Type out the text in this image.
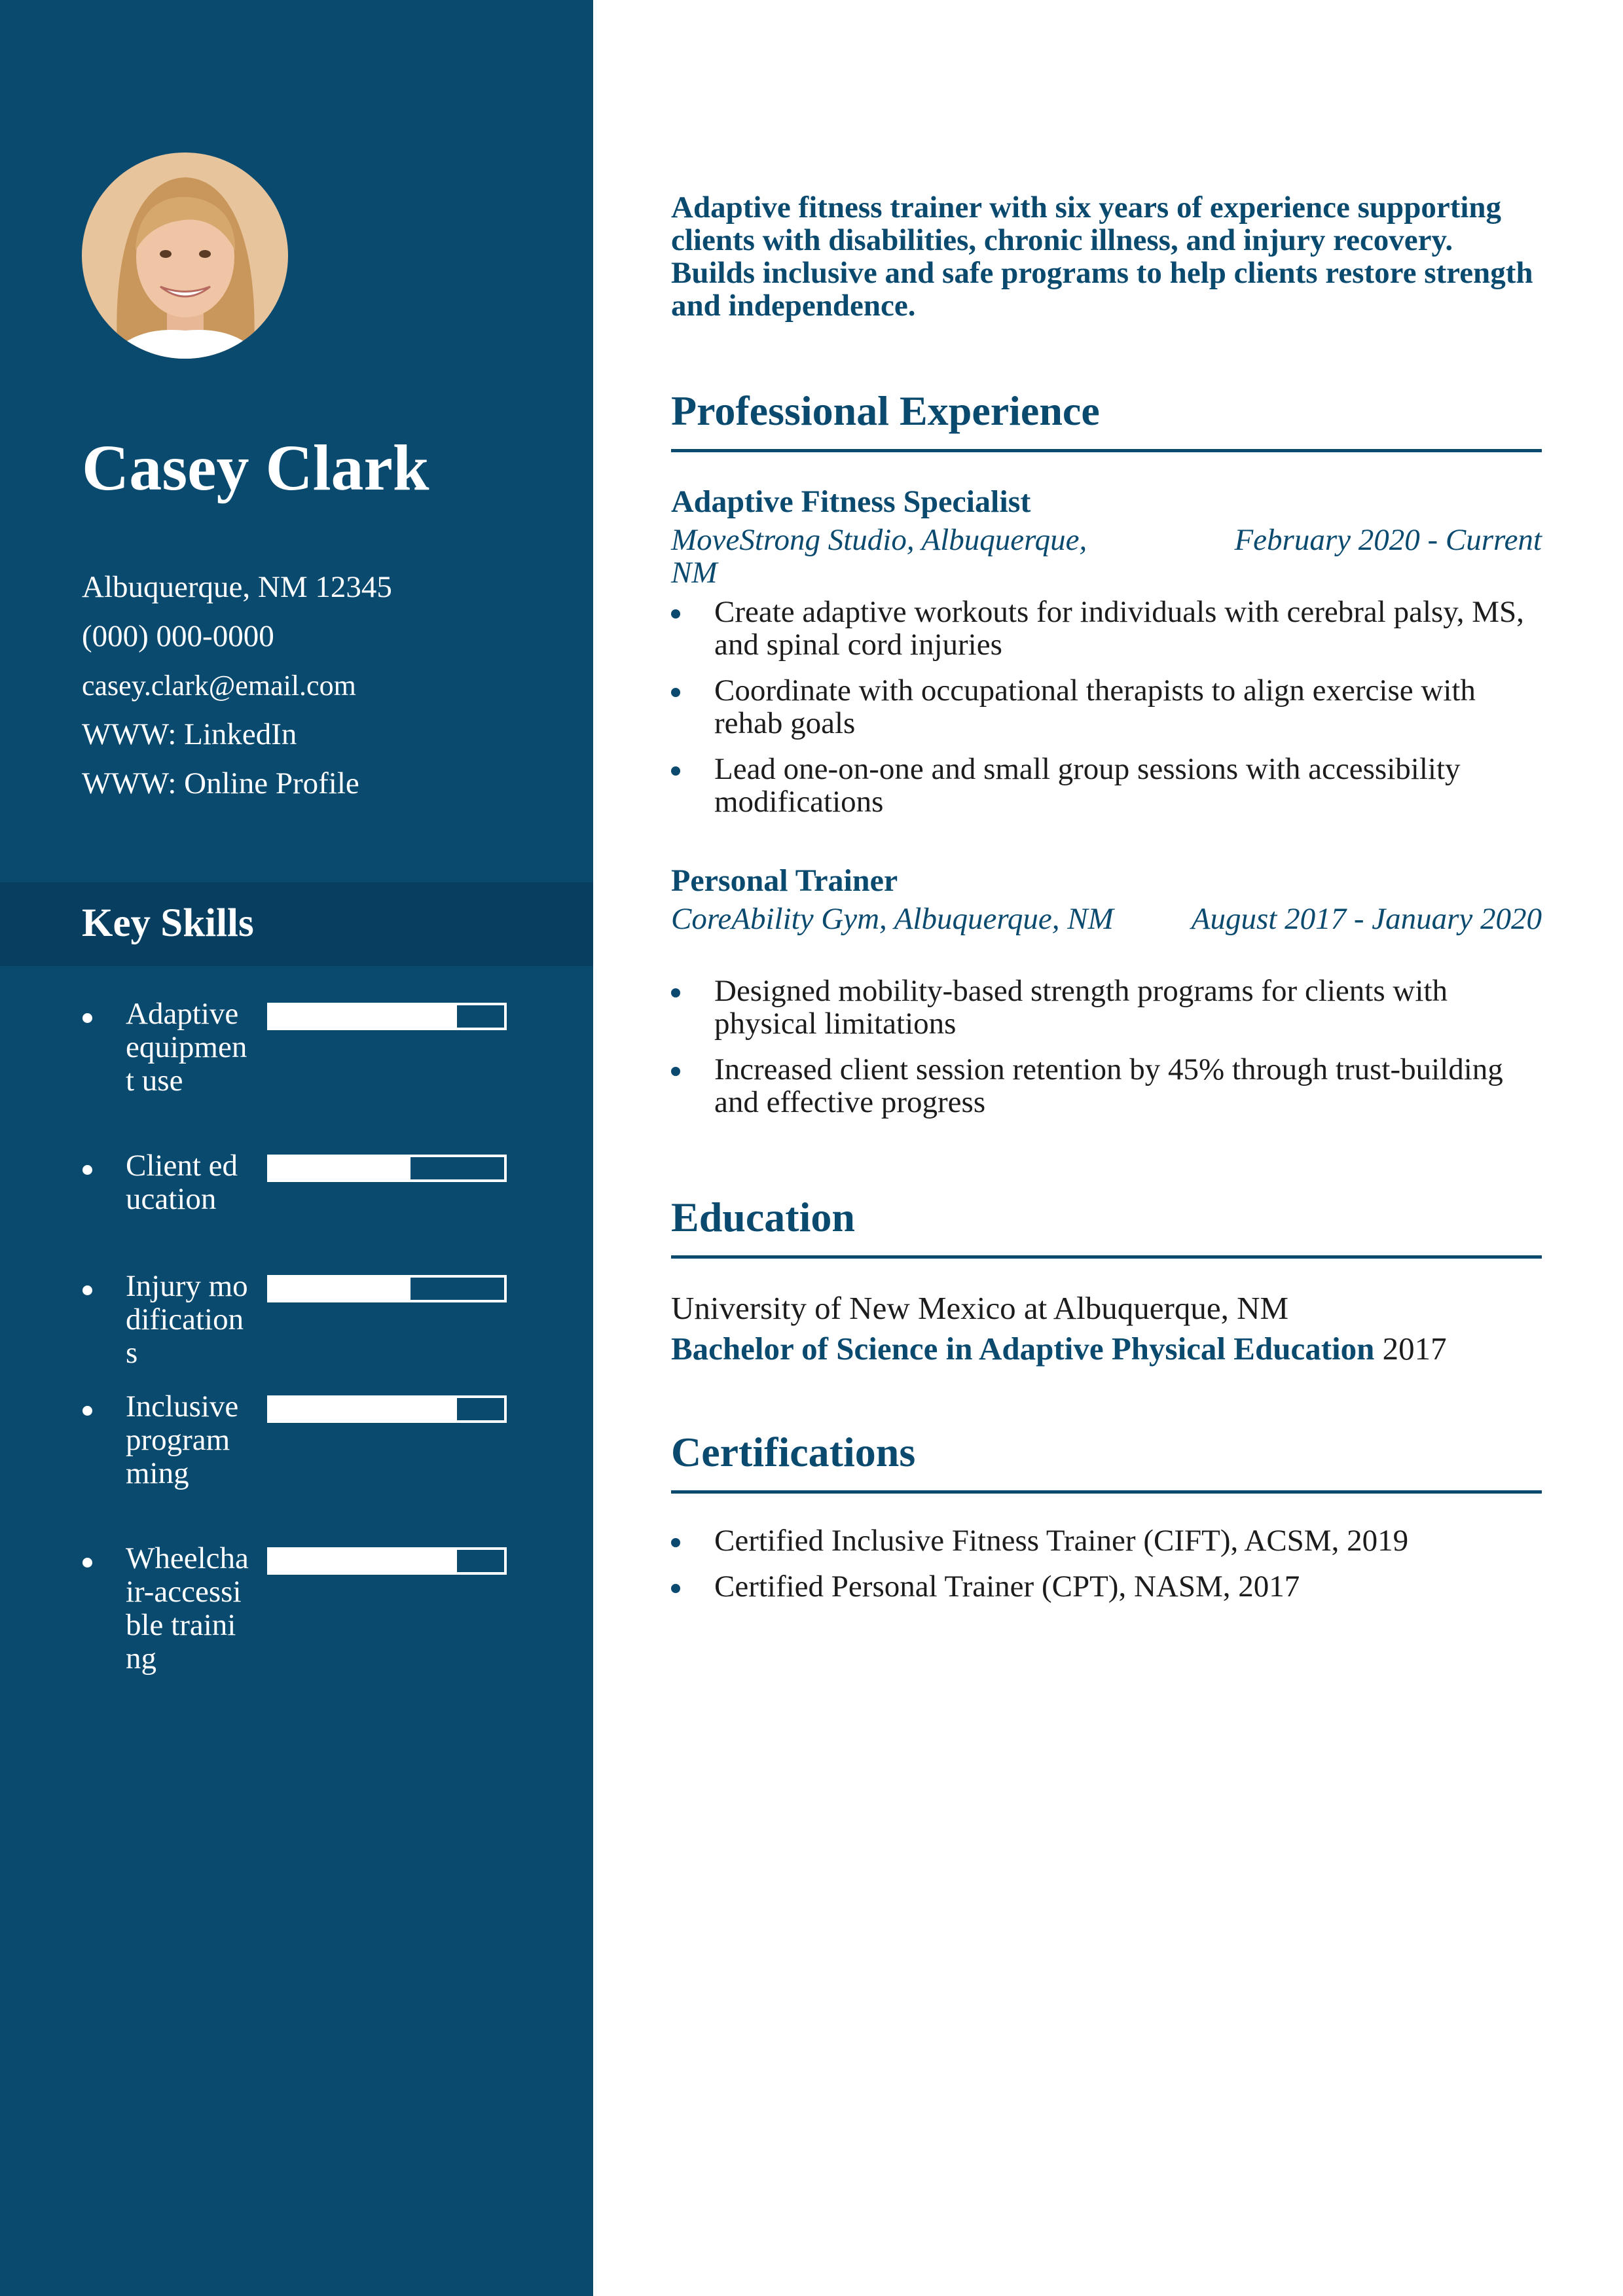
Casey Clark
Albuquerque, NM 12345
(000) 000-0000
casey.clark@email.com
WWW: LinkedIn
WWW: Online Profile
Key Skills
Adaptive equipment use
Client education
Injury modifications
Inclusive programming
Wheelchair-accessible training
Adaptive fitness trainer with six years of experience supporting clients with disabilities, chronic illness, and injury recovery. Builds inclusive and safe programs to help clients restore strength and independence.
Professional Experience
Adaptive Fitness Specialist
MoveStrong Studio, Albuquerque, NM
February 2020 - Current
Create adaptive workouts for individuals with cerebral palsy, MS, and spinal cord injuries
Coordinate with occupational therapists to align exercise with rehab goals
Lead one-on-one and small group sessions with accessibility modifications
Personal Trainer
CoreAbility Gym, Albuquerque, NM	August 2017 - January 2020
Designed mobility-based strength programs for clients with physical limitations
Increased client session retention by 45% through trust-building and effective progress
Education
University of New Mexico at Albuquerque, NM
Bachelor of Science in Adaptive Physical Education 2017
Certifications
Certified Inclusive Fitness Trainer (CIFT), ACSM, 2019
Certified Personal Trainer (CPT), NASM, 2017
